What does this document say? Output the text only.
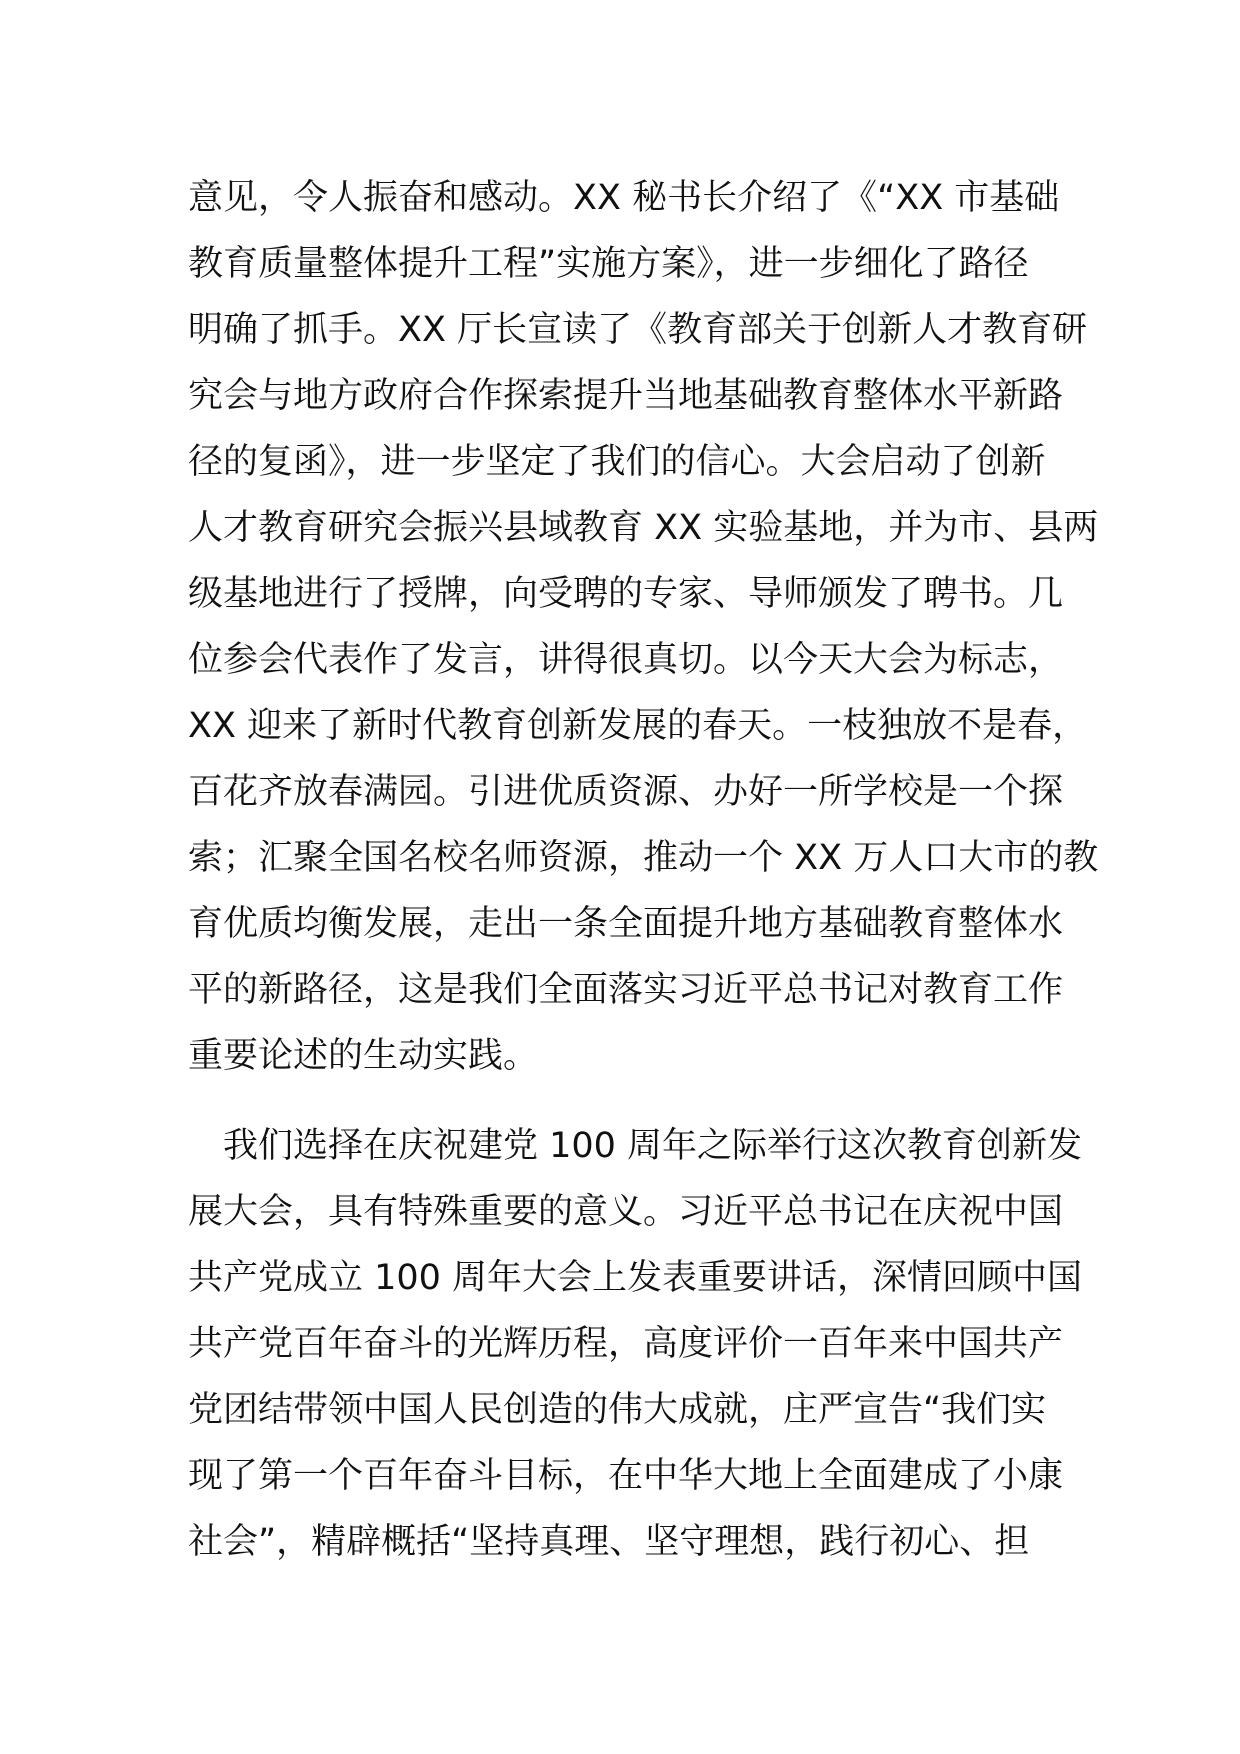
意见，令人振奋和感动。XX 秘书长介绍了《“XX 市基础
教育质量整体提升工程”实施方案》，进一步细化了路径
明确了抓手。XX 厅长宣读了《教育部关于创新人才教育研
究会与地方政府合作探索提升当地基础教育整体水平新路
径的复函》，进一步坚定了我们的信心。大会启动了创新
人才教育研究会振兴县域教育 XX 实验基地，并为市、县两
级基地进行了授牌，向受聘的专家、导师颁发了聘书。几
位参会代表作了发言，讲得很真切。以今天大会为标志，
XX 迎来了新时代教育创新发展的春天。一枝独放不是春，
百花齐放春满园。引进优质资源、办好一所学校是一个探
索；汇聚全国名校名师资源，推动一个 XX 万人口大市的教
育优质均衡发展，走出一条全面提升地方基础教育整体水
平的新路径，这是我们全面落实习近平总书记对教育工作
重要论述的生动实践。
　我们选择在庆祝建党 100 周年之际举行这次教育创新发
展大会，具有特殊重要的意义。习近平总书记在庆祝中国
共产党成立 100 周年大会上发表重要讲话，深情回顾中国
共产党百年奋斗的光辉历程，高度评价一百年来中国共产
党团结带领中国人民创造的伟大成就，庄严宣告“我们实
现了第一个百年奋斗目标，在中华大地上全面建成了小康
社会”，精辟概括“坚持真理、坚守理想，践行初心、担
